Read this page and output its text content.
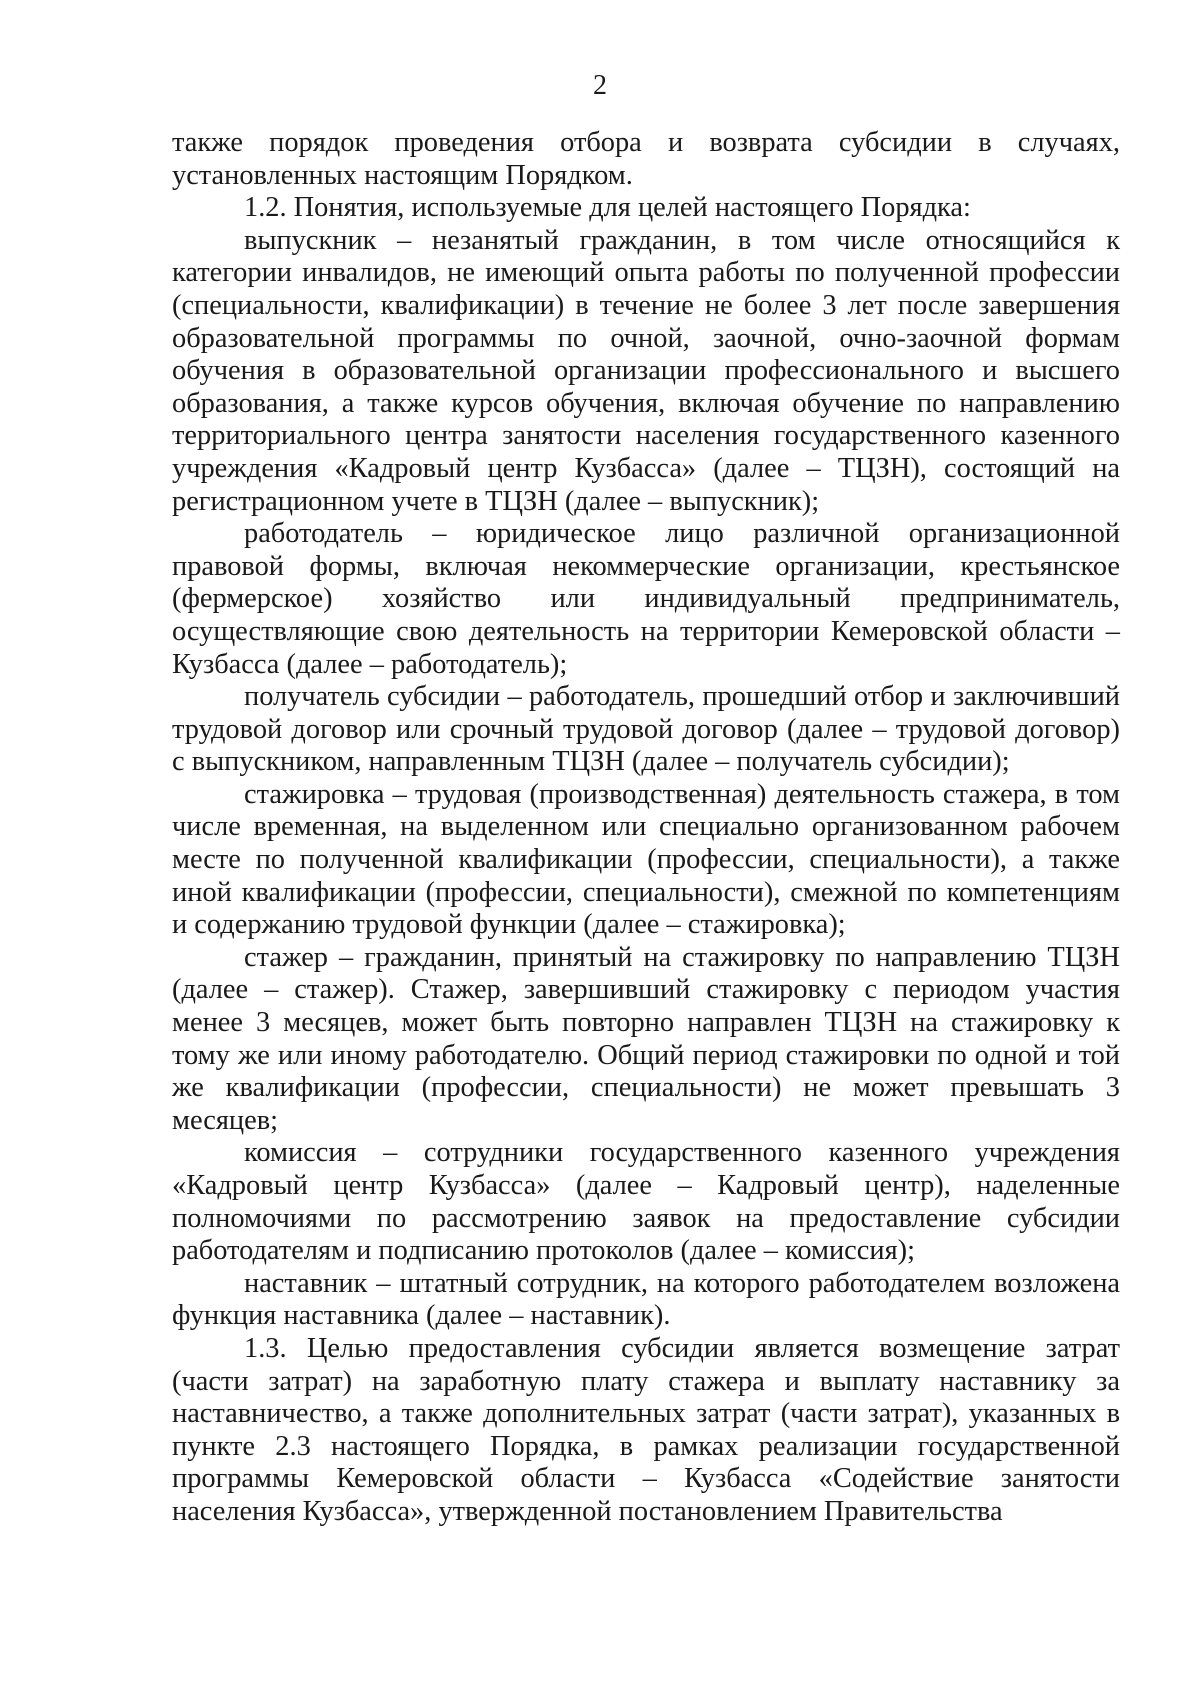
2

также порядок проведения отбора и возврата субсидии в случаях, установленных настоящим Порядком.

1.2. Понятия, используемые для целей настоящего Порядка:

выпускник – незанятый гражданин, в том числе относящийся к категории инвалидов, не имеющий опыта работы по полученной профессии (специальности, квалификации) в течение не более 3 лет после завершения образовательной программы по очной, заочной, очно-заочной формам обучения в образовательной организации профессионального и высшего образования, а также курсов обучения, включая обучение по направлению территориального центра занятости населения государственного казенного учреждения «Кадровый центр Кузбасса» (далее – ТЦЗН), состоящий на регистрационном учете в ТЦЗН (далее – выпускник);

работодатель – юридическое лицо различной организационной правовой формы, включая некоммерческие организации, крестьянское (фермерское) хозяйство или индивидуальный предприниматель, осуществляющие свою деятельность на территории Кемеровской области – Кузбасса (далее – работодатель);

получатель субсидии – работодатель, прошедший отбор и заключивший трудовой договор или срочный трудовой договор (далее – трудовой договор) с выпускником, направленным ТЦЗН (далее – получатель субсидии);

стажировка – трудовая (производственная) деятельность стажера, в том числе временная, на выделенном или специально организованном рабочем месте по полученной квалификации (профессии, специальности), а также иной квалификации (профессии, специальности), смежной по компетенциям и содержанию трудовой функции (далее – стажировка);

стажер – гражданин, принятый на стажировку по направлению ТЦЗН (далее – стажер). Стажер, завершивший стажировку с периодом участия менее 3 месяцев, может быть повторно направлен ТЦЗН на стажировку к тому же или иному работодателю. Общий период стажировки по одной и той же квалификации (профессии, специальности) не может превышать 3 месяцев;

комиссия – сотрудники государственного казенного учреждения «Кадровый центр Кузбасса» (далее – Кадровый центр), наделенные полномочиями по рассмотрению заявок на предоставление субсидии работодателям и подписанию протоколов (далее – комиссия);

наставник – штатный сотрудник, на которого работодателем возложена функция наставника (далее – наставник).

1.3. Целью предоставления субсидии является возмещение затрат (части затрат) на заработную плату стажера и выплату наставнику за наставничество, а также дополнительных затрат (части затрат), указанных в пункте 2.3 настоящего Порядка, в рамках реализации государственной программы Кемеровской области – Кузбасса «Содействие занятости населения Кузбасса», утвержденной постановлением Правительства
